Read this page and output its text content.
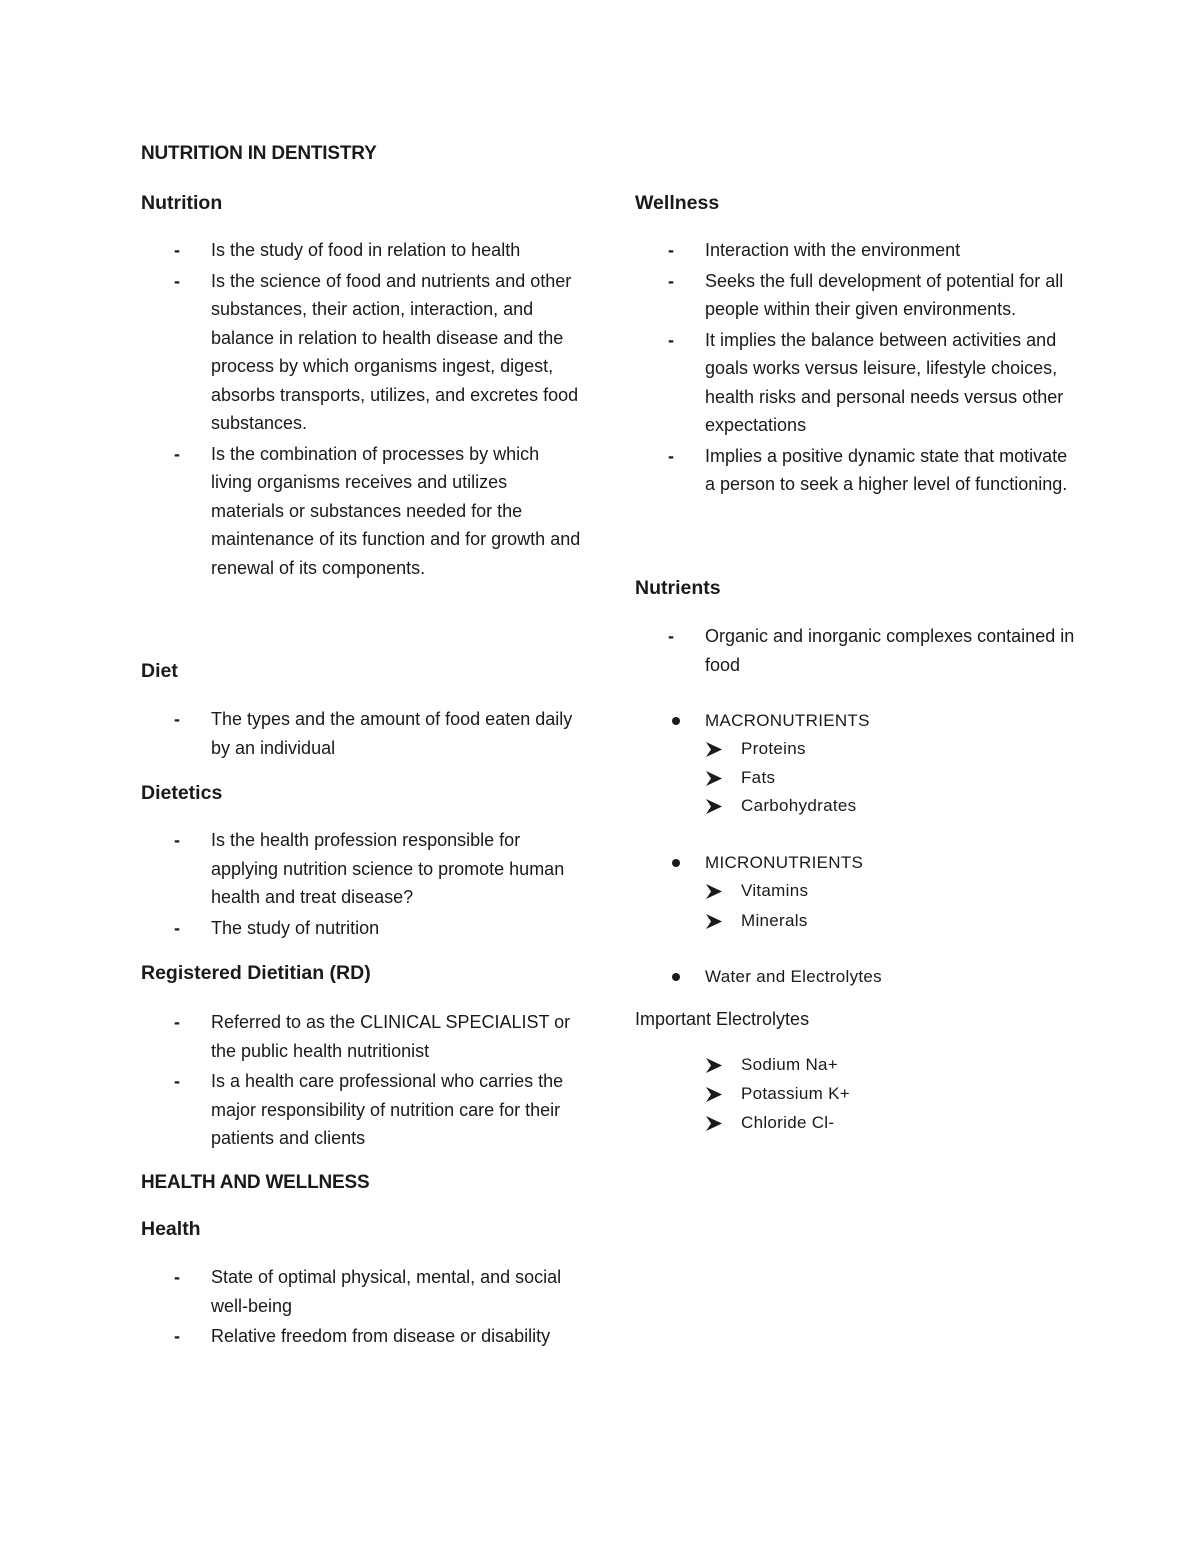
NUTRITION IN DENTISTRY
Nutrition
- Is the study of food in relation to health
- Is the science of food and nutrients and other substances, their action, interaction, and balance in relation to health disease and the process by which organisms ingest, digest, absorbs transports, utilizes, and excretes food substances.
- Is the combination of processes by which living organisms receives and utilizes materials or substances needed for the maintenance of its function and for growth and renewal of its components.
Diet
- The types and the amount of food eaten daily by an individual
Dietetics
- Is the health profession responsible for applying nutrition science to promote human health and treat disease?
- The study of nutrition
Registered Dietitian (RD)
- Referred to as the CLINICAL SPECIALIST or the public health nutritionist
- Is a health care professional who carries the major responsibility of nutrition care for their patients and clients
HEALTH AND WELLNESS
Health
- State of optimal physical, mental, and social well-being
- Relative freedom from disease or disability
Wellness
- Interaction with the environment
- Seeks the full development of potential for all people within their given environments.
- It implies the balance between activities and goals works versus leisure, lifestyle choices, health risks and personal needs versus other expectations
- Implies a positive dynamic state that motivate a person to seek a higher level of functioning.
Nutrients
- Organic and inorganic complexes contained in food
MACRONUTRIENTS
Proteins
Fats
Carbohydrates
MICRONUTRIENTS
Vitamins
Minerals
Water and Electrolytes

Important Electrolytes

Sodium Na+
Potassium K+
Chloride Cl-
